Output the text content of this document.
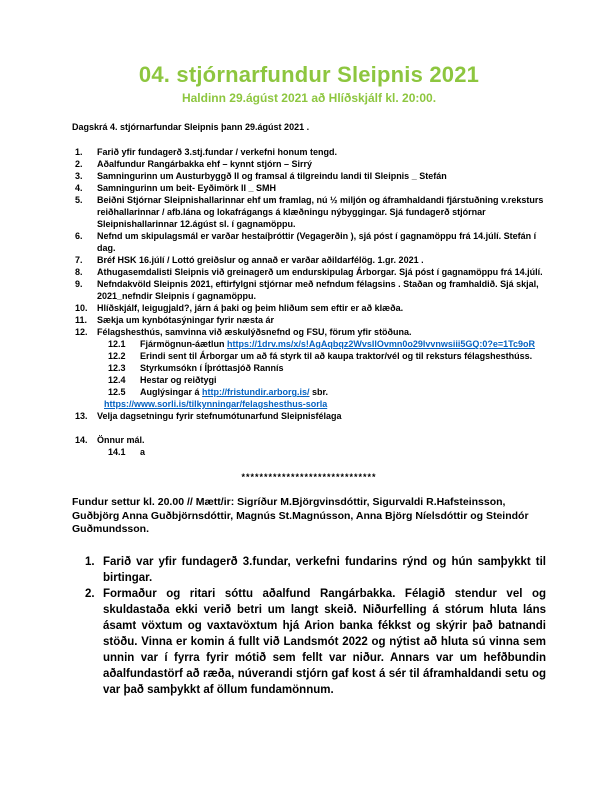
04. stjórnarfundur Sleipnis 2021
Haldinn 29.ágúst 2021 að Hlíðskjálf kl. 20:00.

Dagskrá 4. stjórnarfundar Sleipnis þann 29.ágúst 2021 .

1.	Farið yfir fundagerð 3.stj.fundar / verkefni honum tengd.
2.	Aðalfundur Rangárbakka ehf – kynnt stjórn – Sirrý
3.	Samningurinn um Austurbyggð II og framsal á tilgreindu landi til Sleipnis _ Stefán
4.	Samningurinn um beit- Eyðimörk II _ SMH
5.	Beiðni Stjórnar Sleipnishallarinnar ehf um framlag, nú ½ miljón og áframhaldandi fjárstuðning v.reksturs reiðhallarinnar / afb.lána og lokafrágangs á klæðningu nýbyggingar. Sjá fundagerð stjórnar Sleipnishallarinnar 12.ágúst sl. í gagnamöppu.
6.	Nefnd um skipulagsmál er varðar hestaíþróttir (Vegagerðin ), sjá póst í gagnamöppu frá 14.júlí. Stefán í dag.
7.	Bréf HSK 16.júlí / Lottó greiðslur og annað er varðar aðildarfélög. 1.gr. 2021 .
8.	Athugasemdalisti Sleipnis við greinagerð um endurskipulag Árborgar. Sjá póst í gagnamöppu frá 14.júlí.
9.	Nefndakvöld Sleipnis 2021, eftirfylgni stjórnar með nefndum félagsins . Staðan og framhaldið. Sjá skjal, 2021_nefndir Sleipnis í gagnamöppu.
10.	Hlíðskjálf, leigugjald?, járn á þaki og þeim hliðum sem eftir er að klæða.
11.	Sækja um kynbótasýningar fyrir næsta ár
12.	Félagshesthús, samvinna við æskulýðsnefnd og FSU, förum yfir stöðuna.
12.1	Fjármögnun-áætlun https://1drv.ms/x/s!AgAqbqz2WvsIlOvmn0o29Ivvnwsiii5GQ:0?e=1Tc9oR
12.2	Erindi sent til Árborgar um að fá styrk til að kaupa traktor/vél og til reksturs félagshesthúss.
12.3	Styrkumsókn í Íþróttasjóð Rannís
12.4	Hestar og reiðtygi
12.5	Auglýsingar á http://fristundir.arborg.is/ sbr.
https://www.sorli.is/tilkynningar/felagshesthus-sorla
13.	Velja dagsetningu fyrir stefnumótunarfund Sleipnisfélaga
14.	Önnur mál.
14.1	a
******************************

Fundur settur kl. 20.00 // Mætt/ir: Sigríður M.Björgvinsdóttir, Sigurvaldi R.Hafsteinsson, Guðbjörg Anna Guðbjörnsdóttir, Magnús St.Magnússon, Anna Björg Níelsdóttir og Steindór Guðmundsson.

1. Farið var yfir fundagerð 3.fundar, verkefni fundarins rýnd og hún samþykkt til birtingar.
2. Formaður og ritari sóttu aðalfund Rangárbakka. Félagið stendur vel og skuldastaða ekki verið betri um langt skeið. Niðurfelling á stórum hluta láns ásamt vöxtum og vaxtavöxtum hjá Arion banka fékkst og skýrir það batnandi stöðu. Vinna er komin á fullt við Landsmót 2022 og nýtist að hluta sú vinna sem unnin var í fyrra fyrir mótið sem fellt var niður. Annars var um hefðbundin aðalfundastörf að ræða, núverandi stjórn gaf kost á sér til áframhaldandi setu og var það samþykkt af öllum fundamönnum.
